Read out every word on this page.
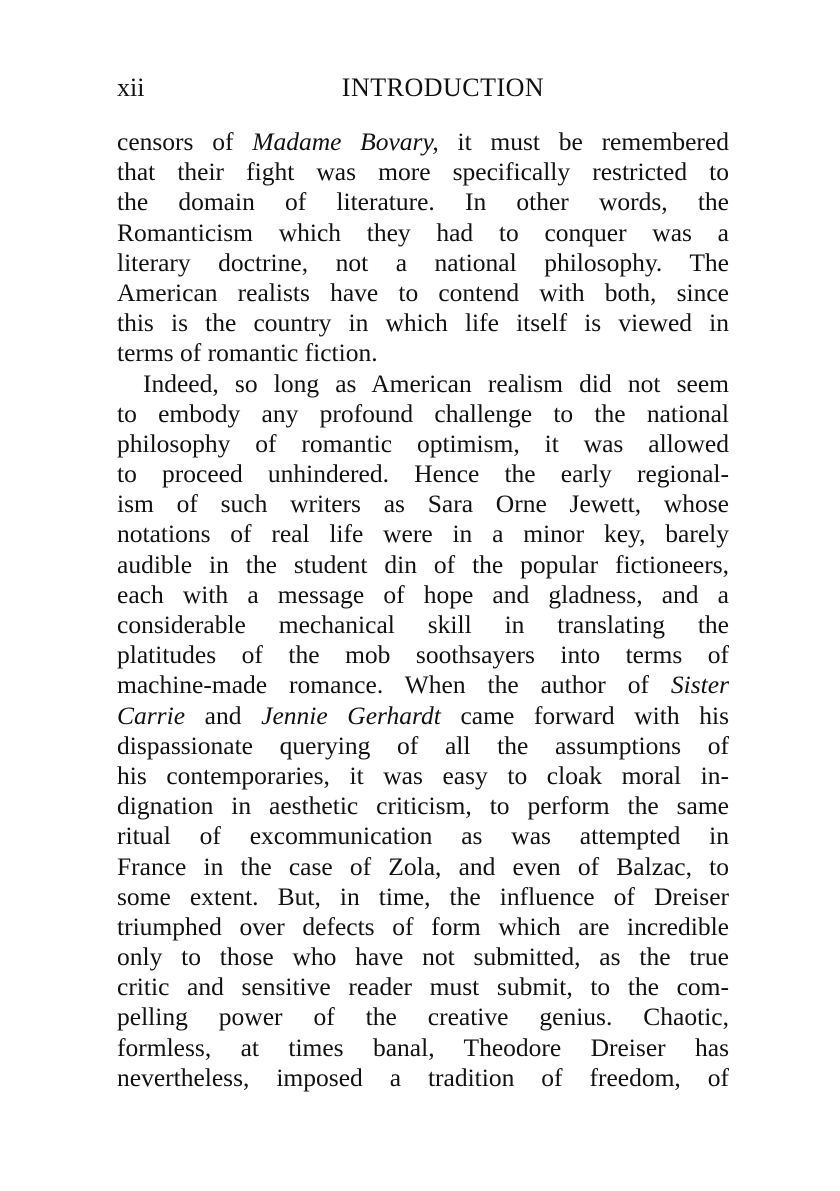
xii	INTRODUCTION
censors of Madame Bovary, it must be remembered
that their fight was more specifically restricted to
the domain of literature. In other words, the
Romanticism which they had to conquer was a
literary doctrine, not a national philosophy. The
American realists have to contend with both, since
this is the country in which life itself is viewed in
terms of romantic fiction.
Indeed, so long as American realism did not seem
to embody any profound challenge to the national
philosophy of romantic optimism, it was allowed
to proceed unhindered. Hence the early regional-
ism of such writers as Sara Orne Jewett, whose
notations of real life were in a minor key, barely
audible in the student din of the popular fictioneers,
each with a message of hope and gladness, and a
considerable mechanical skill in translating the
platitudes of the mob soothsayers into terms of
machine-made romance. When the author of Sister
Carrie and Jennie Gerhardt came forward with his
dispassionate querying of all the assumptions of
his contemporaries, it was easy to cloak moral in-
dignation in aesthetic criticism, to perform the same
ritual of excommunication as was attempted in
France in the case of Zola, and even of Balzac, to
some extent. But, in time, the influence of Dreiser
triumphed over defects of form which are incredible
only to those who have not submitted, as the true
critic and sensitive reader must submit, to the com-
pelling power of the creative genius. Chaotic,
formless, at times banal, Theodore Dreiser has
nevertheless, imposed a tradition of freedom, of
